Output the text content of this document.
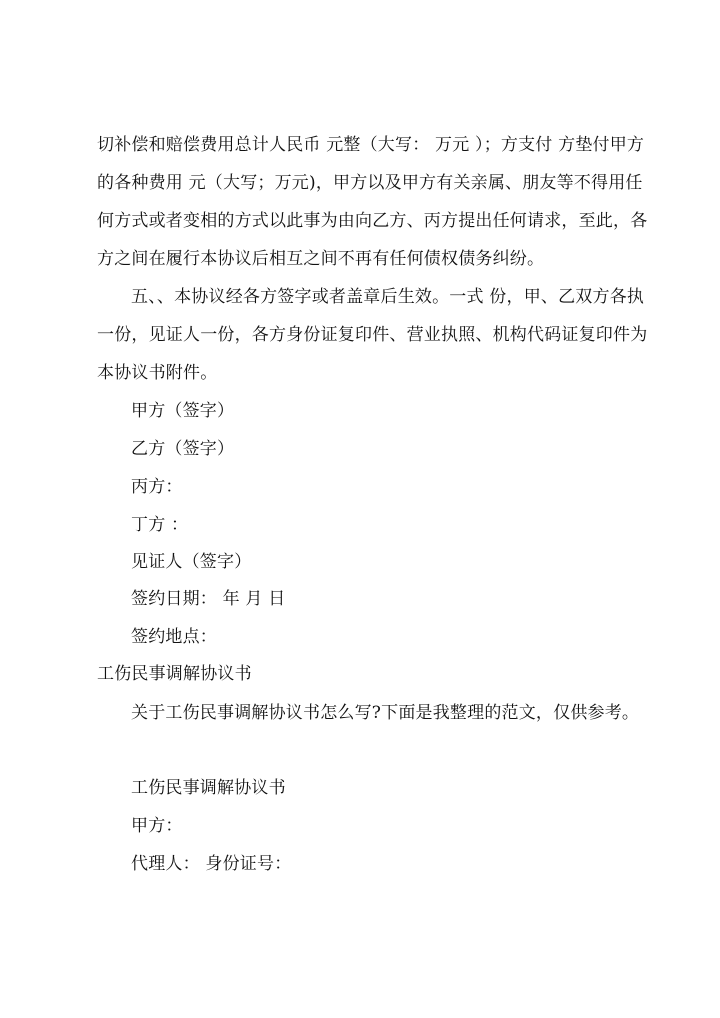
切补偿和赔偿费用总计人民币 元整（大写： 万元 ）；方支付 方垫付甲方
的各种费用 元（大写；万元)，甲方以及甲方有关亲属、朋友等不得用任
何方式或者变相的方式以此事为由向乙方、丙方提出任何请求，至此，各
方之间在履行本协议后相互之间不再有任何债权债务纠纷。
五、、本协议经各方签字或者盖章后生效。一式 份，甲、乙双方各执
一份，见证人一份，各方身份证复印件、营业执照、机构代码证复印件为
本协议书附件。
甲方（签字）
乙方（签字）
丙方：
丁方 ：
见证人（签字）
签约日期： 年 月 日
签约地点：
工伤民事调解协议书
关于工伤民事调解协议书怎么写?下面是我整理的范文，仅供参考。
工伤民事调解协议书
甲方：
代理人： 身份证号：
